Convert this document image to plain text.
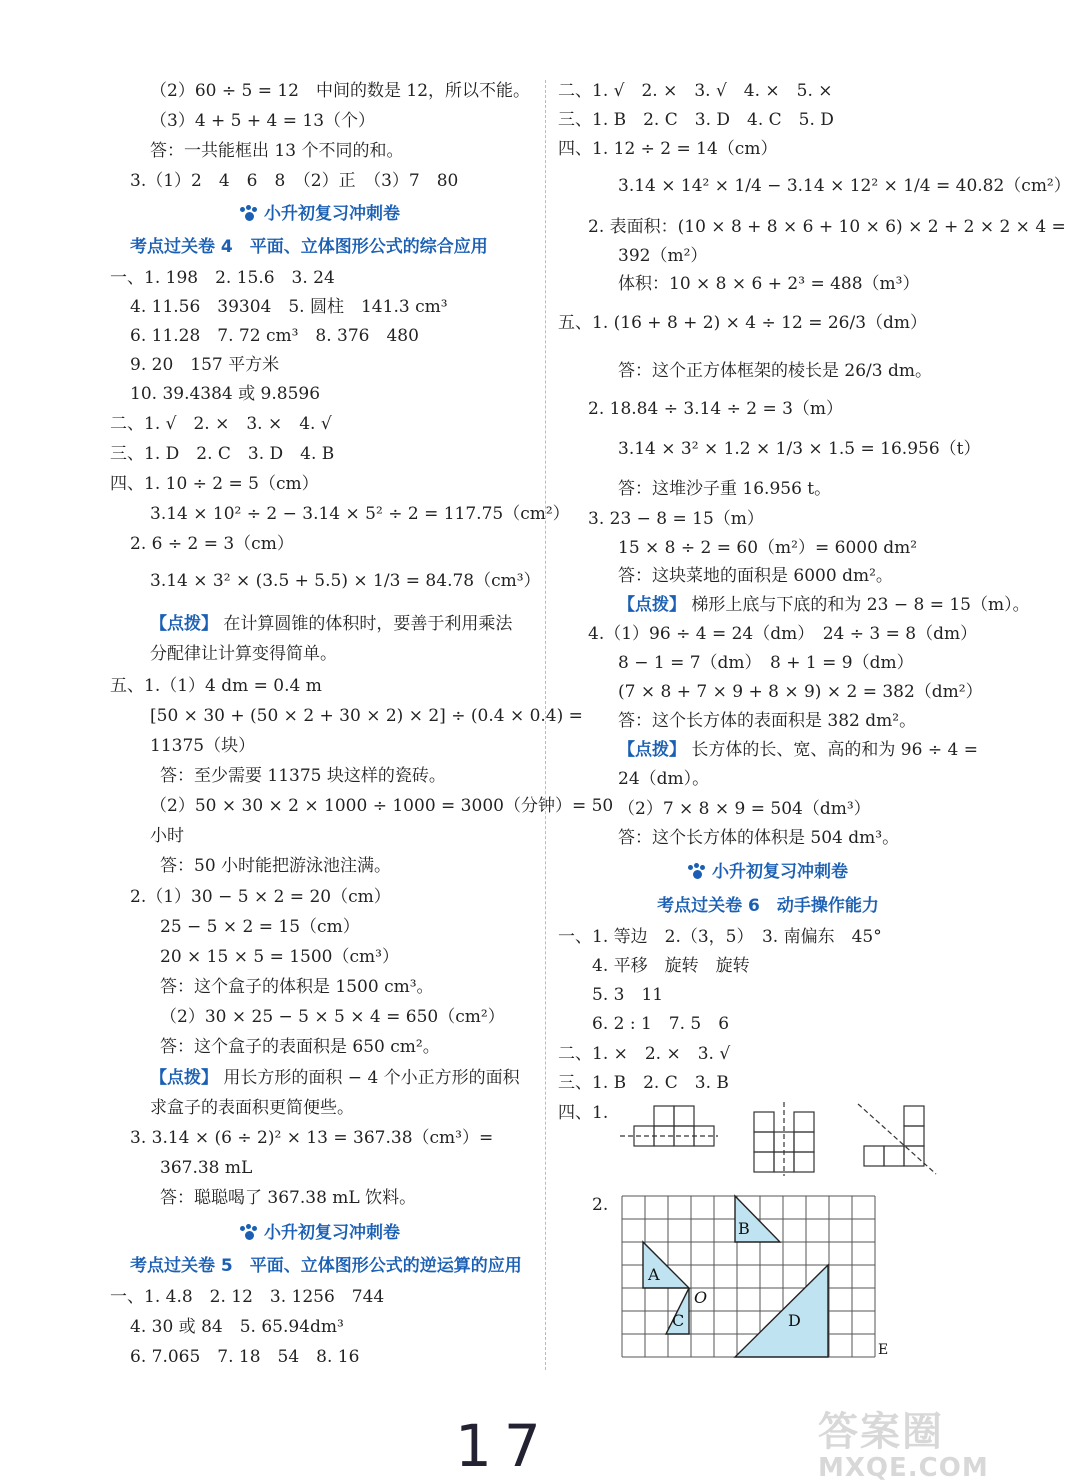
（2）60 ÷ 5 = 12　中间的数是 12，所以不能。
（3）4 + 5 + 4 = 13（个）
答：一共能框出 13 个不同的和。
3.（1）2　4　6　8　（2）正　（3）7　80
小升初复习冲刺卷
考点过关卷 4　平面、立体图形公式的综合应用
一、1. 198　2. 15.6　3. 24
4. 11.56　39304　5. 圆柱　141.3 cm³
6. 11.28　7. 72 cm³　8. 376　480
9. 20　157 平方米
10. 39.4384 或 9.8596
二、1. √　2. ×　3. ×　4. √
三、1. D　2. C　3. D　4. B
四、1. 10 ÷ 2 = 5（cm）
3.14 × 10² ÷ 2 − 3.14 × 5² ÷ 2 = 117.75（cm²）
2. 6 ÷ 2 = 3（cm）
3.14 × 3² × (3.5 + 5.5) × 1/3 = 84.78（cm³）
【点拨】 在计算圆锥的体积时，要善于利用乘法
分配律让计算变得简单。
五、1.（1）4 dm = 0.4 m
[50 × 30 + (50 × 2 + 30 × 2) × 2] ÷ (0.4 × 0.4) =
11375（块）
答：至少需要 11375 块这样的瓷砖。
（2）50 × 30 × 2 × 1000 ÷ 1000 = 3000（分钟）= 50
小时
答：50 小时能把游泳池注满。
2.（1）30 − 5 × 2 = 20（cm）
25 − 5 × 2 = 15（cm）
20 × 15 × 5 = 1500（cm³）
答：这个盒子的体积是 1500 cm³。
（2）30 × 25 − 5 × 5 × 4 = 650（cm²）
答：这个盒子的表面积是 650 cm²。
【点拨】 用长方形的面积 − 4 个小正方形的面积
求盒子的表面积更简便些。
3. 3.14 × (6 ÷ 2)² × 13 = 367.38（cm³）=
367.38 mL
答：聪聪喝了 367.38 mL 饮料。
小升初复习冲刺卷
考点过关卷 5　平面、立体图形公式的逆运算的应用
一、1. 4.8　2. 12　3. 1256　744
4. 30 或 84　5. 65.94dm³
6. 7.065　7. 18　54　8. 16
二、1. √　2. ×　3. √　4. ×　5. ×
三、1. B　2. C　3. D　4. C　5. D
四、1. 12 ÷ 2 = 14（cm）
3.14 × 14² × 1/4 − 3.14 × 12² × 1/4 = 40.82（cm²）
2. 表面积：(10 × 8 + 8 × 6 + 10 × 6) × 2 + 2 × 2 × 4 =
392（m²）
体积：10 × 8 × 6 + 2³ = 488（m³）
五、1. (16 + 8 + 2) × 4 ÷ 12 = 26/3（dm）
答：这个正方体框架的棱长是 26/3 dm。
2. 18.84 ÷ 3.14 ÷ 2 = 3（m）
3.14 × 3² × 1.2 × 1/3 × 1.5 = 16.956（t）
答：这堆沙子重 16.956 t。
3. 23 − 8 = 15（m）
15 × 8 ÷ 2 = 60（m²）= 6000 dm²
答：这块菜地的面积是 6000 dm²。
【点拨】 梯形上底与下底的和为 23 − 8 = 15（m）。
4.（1）96 ÷ 4 = 24（dm）　24 ÷ 3 = 8（dm）
8 − 1 = 7（dm）　8 + 1 = 9（dm）
(7 × 8 + 7 × 9 + 8 × 9) × 2 = 382（dm²）
答：这个长方体的表面积是 382 dm²。
【点拨】 长方体的长、宽、高的和为 96 ÷ 4 =
24（dm）。
（2）7 × 8 × 9 = 504（dm³）
答：这个长方体的体积是 504 dm³。
小升初复习冲刺卷
考点过关卷 6　动手操作能力
一、1. 等边　2.（3，5）　3. 南偏东　45°
4. 平移　旋转　旋转
5. 3　11
6. 2 : 1　7. 5　6
二、1. ×　2. ×　3. √
三、1. B　2. C　3. B
四、1.
2.
A
B
C	D
O
E
17	答案圈
MXQE.COM
